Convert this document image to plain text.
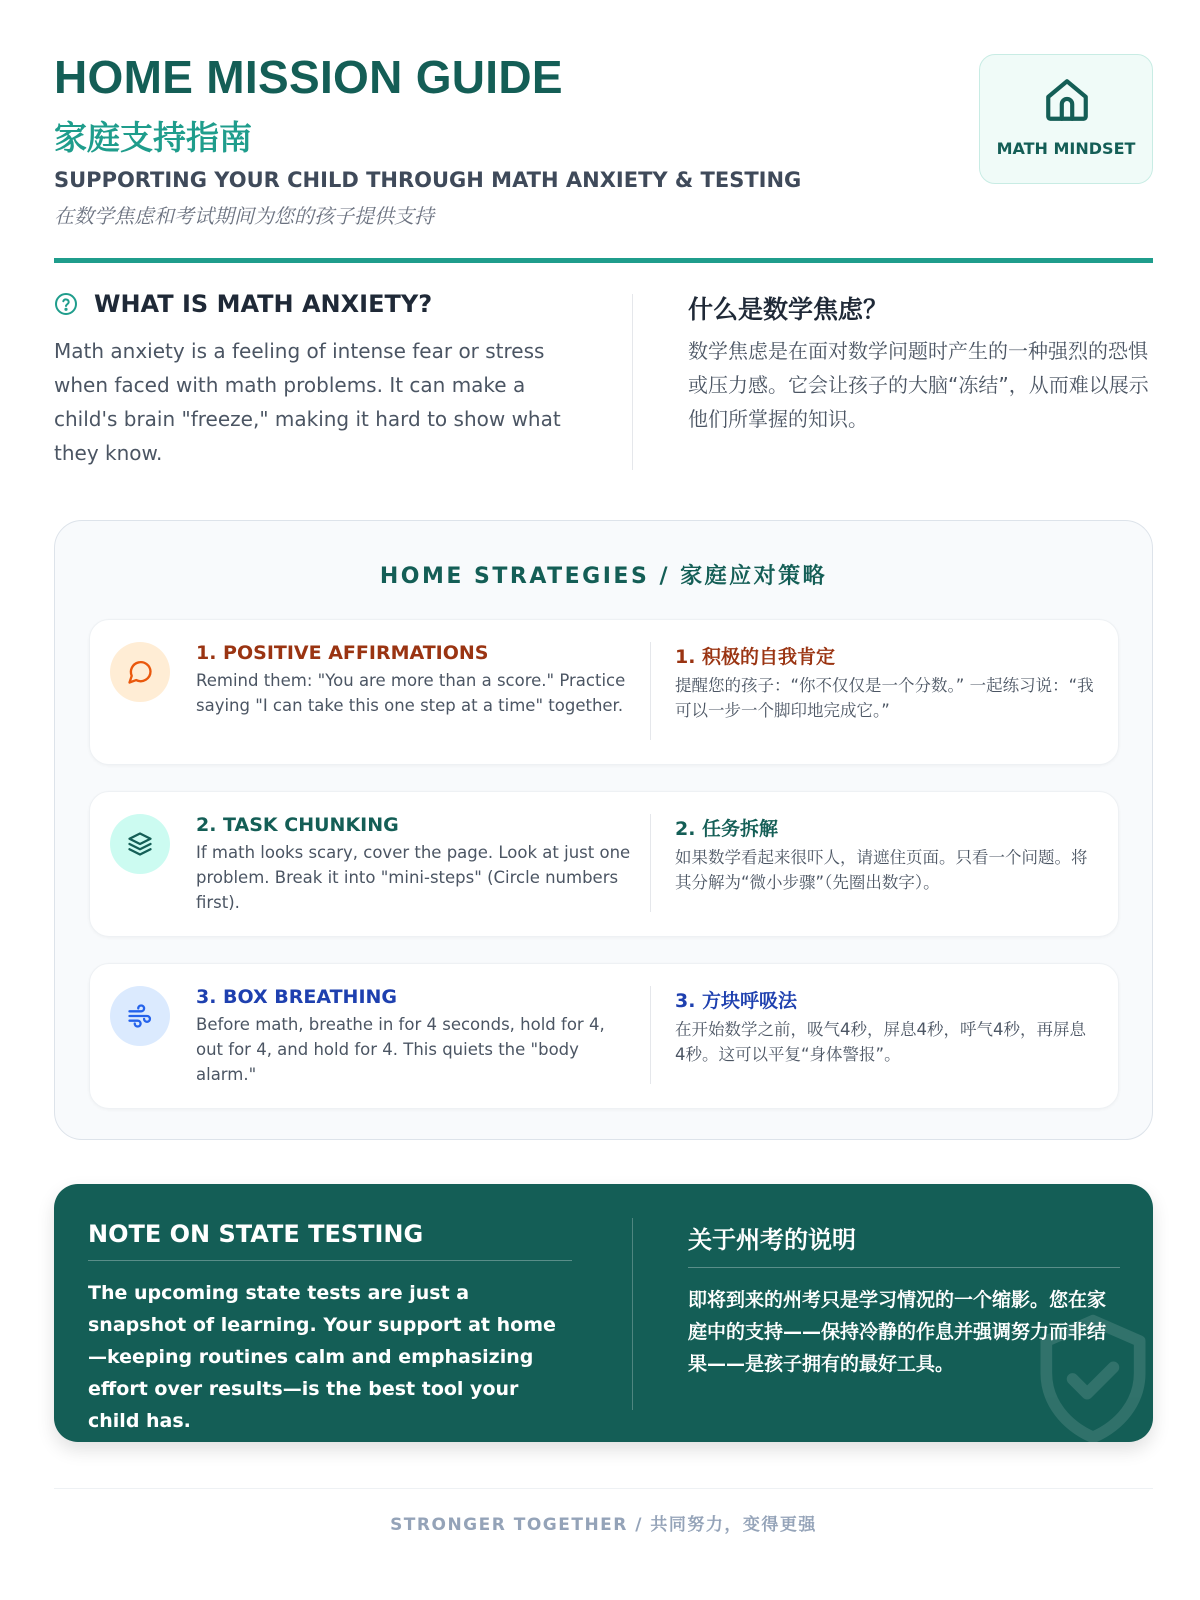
HOME MISSION GUIDE
家庭支持指南
SUPPORTING YOUR CHILD THROUGH MATH ANXIETY & TESTING
在数学焦虑和考试期间为您的孩子提供支持
MATH MINDSET
WHAT IS MATH ANXIETY?
Math anxiety is a feeling of intense fear or stress when faced with math problems. It can make a child's brain "freeze," making it hard to show what they know.
什么是数学焦虑？
数学焦虑是在面对数学问题时产生的一种强烈的恐惧或压力感。它会让孩子的大脑“冻结”，从而难以展示他们所掌握的知识。
HOME STRATEGIES / 家庭应对策略
1. POSITIVE AFFIRMATIONS
Remind them: "You are more than a score." Practice saying "I can take this one step at a time" together.
1. 积极的自我肯定
提醒您的孩子：“你不仅仅是一个分数。” 一起练习说：“我可以一步一个脚印地完成它。”
2. TASK CHUNKING
If math looks scary, cover the page. Look at just one problem. Break it into "mini-steps" (Circle numbers first).
2. 任务拆解
如果数学看起来很吓人，请遮住页面。只看一个问题。将其分解为“微小步骤”（先圈出数字）。
3. BOX BREATHING
Before math, breathe in for 4 seconds, hold for 4, out for 4, and hold for 4. This quiets the "body alarm."
3. 方块呼吸法
在开始数学之前，吸气4秒，屏息4秒，呼气4秒，再屏息4秒。这可以平复“身体警报”。
NOTE ON STATE TESTING
The upcoming state tests are just a snapshot of learning. Your support at home—keeping routines calm and emphasizing effort over results—is the best tool your child has.
关于州考的说明
即将到来的州考只是学习情况的一个缩影。您在家庭中的支持——保持冷静的作息并强调努力而非结果——是孩子拥有的最好工具。
STRONGER TOGETHER / 共同努力，变得更强
